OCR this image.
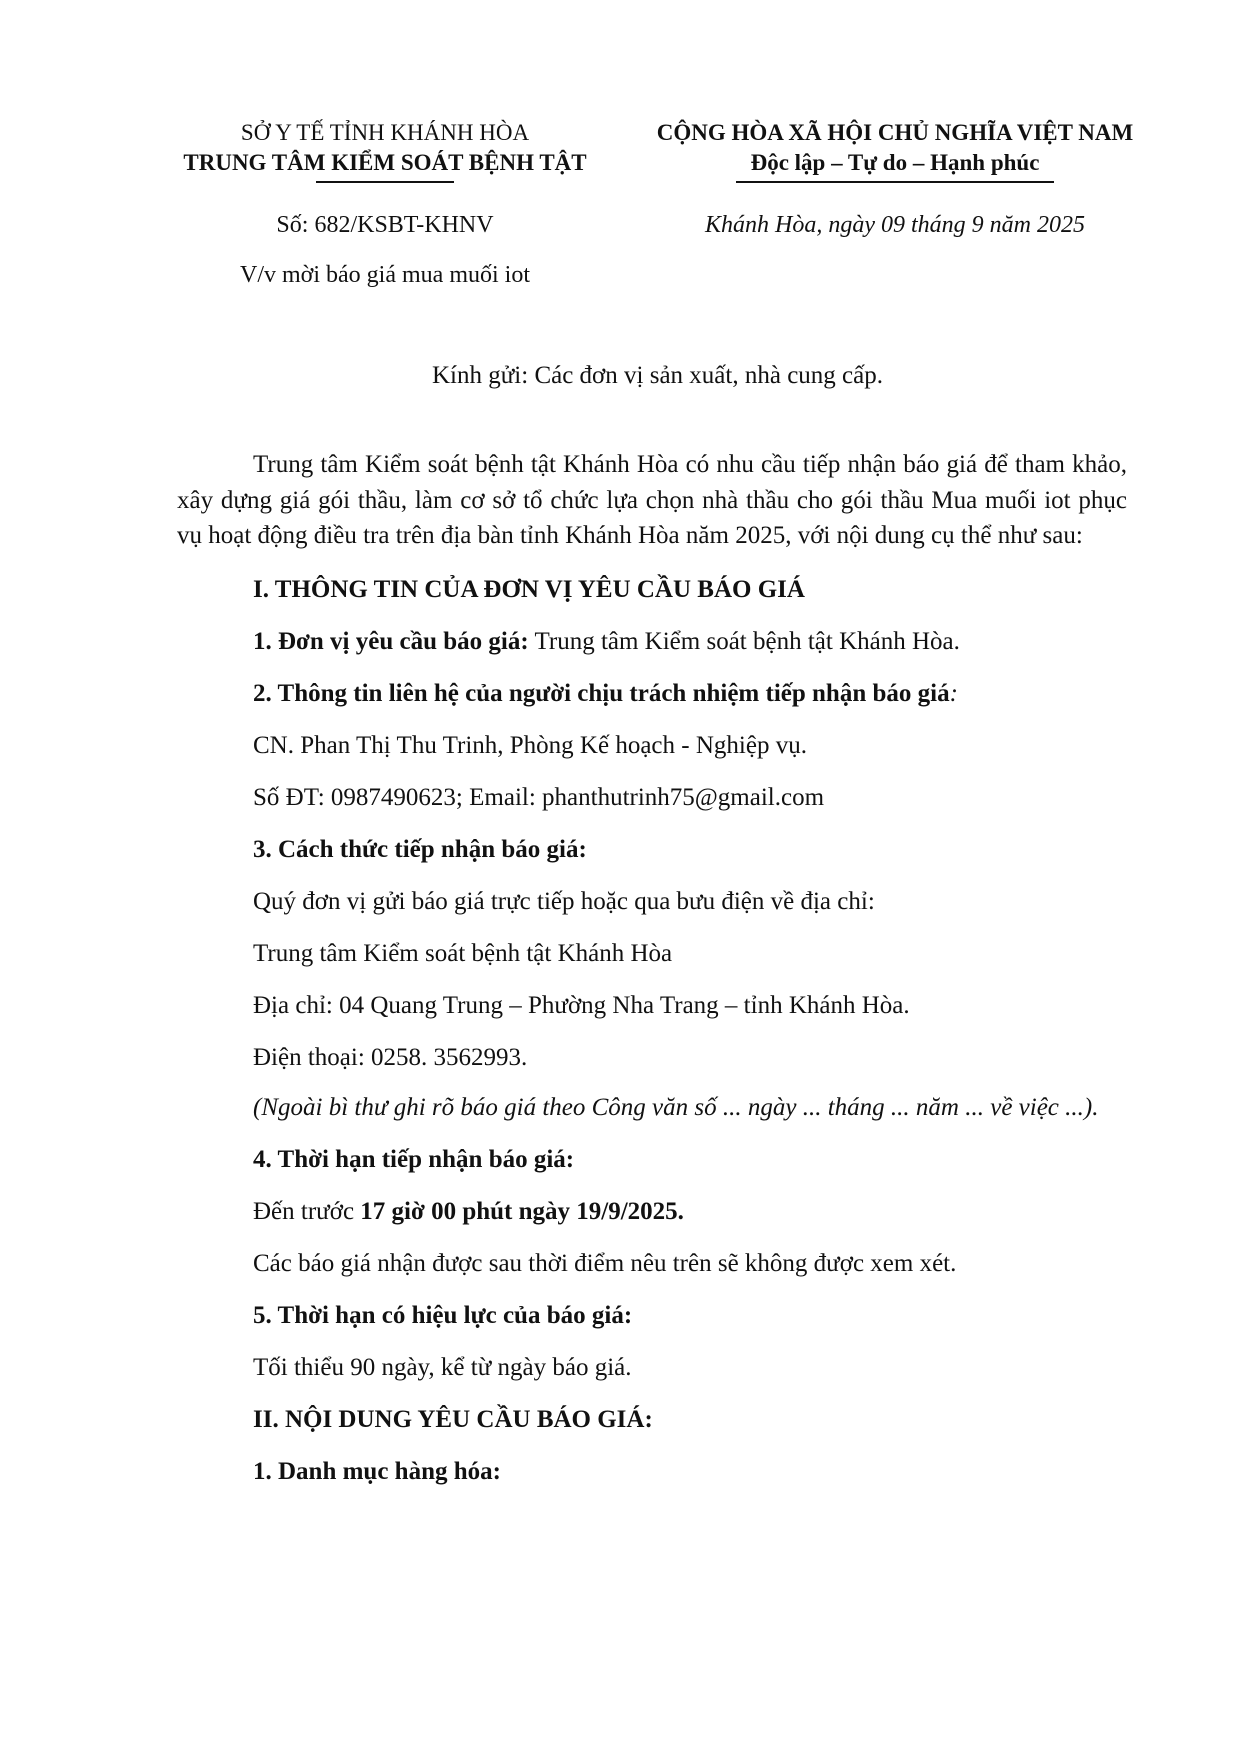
SỞ Y TẾ TỈNH KHÁNH HÒA
TRUNG TÂM KIỂM SOÁT BỆNH TẬT
CỘNG HÒA XÃ HỘI CHỦ NGHĨA VIỆT NAM
Độc lập – Tự do – Hạnh phúc
Số: 682/KSBT-KHNV
V/v mời báo giá mua muối iot
Khánh Hòa, ngày 09 tháng 9 năm 2025
Kính gửi: Các đơn vị sản xuất, nhà cung cấp.

Trung tâm Kiểm soát bệnh tật Khánh Hòa có nhu cầu tiếp nhận báo giá để tham khảo, xây dựng giá gói thầu, làm cơ sở tổ chức lựa chọn nhà thầu cho gói thầu Mua muối iot phục vụ hoạt động điều tra trên địa bàn tỉnh Khánh Hòa năm 2025, với nội dung cụ thể như sau:

I. THÔNG TIN CỦA ĐƠN VỊ YÊU CẦU BÁO GIÁ
1. Đơn vị yêu cầu báo giá: Trung tâm Kiểm soát bệnh tật Khánh Hòa.
2. Thông tin liên hệ của người chịu trách nhiệm tiếp nhận báo giá:
CN. Phan Thị Thu Trinh, Phòng Kế hoạch - Nghiệp vụ.
Số ĐT: 0987490623; Email: phanthutrinh75@gmail.com
3. Cách thức tiếp nhận báo giá:
Quý đơn vị gửi báo giá trực tiếp hoặc qua bưu điện về địa chỉ:
Trung tâm Kiểm soát bệnh tật Khánh Hòa
Địa chỉ: 04 Quang Trung – Phường Nha Trang – tỉnh Khánh Hòa.
Điện thoại: 0258. 3562993.

(Ngoài bì thư ghi rõ báo giá theo Công văn số ... ngày ... tháng ... năm ... về việc ...).

4. Thời hạn tiếp nhận báo giá:
Đến trước 17 giờ 00 phút ngày 19/9/2025.
Các báo giá nhận được sau thời điểm nêu trên sẽ không được xem xét.
5. Thời hạn có hiệu lực của báo giá:
Tối thiểu 90 ngày, kể từ ngày báo giá.
II. NỘI DUNG YÊU CẦU BÁO GIÁ:
1. Danh mục hàng hóa:
